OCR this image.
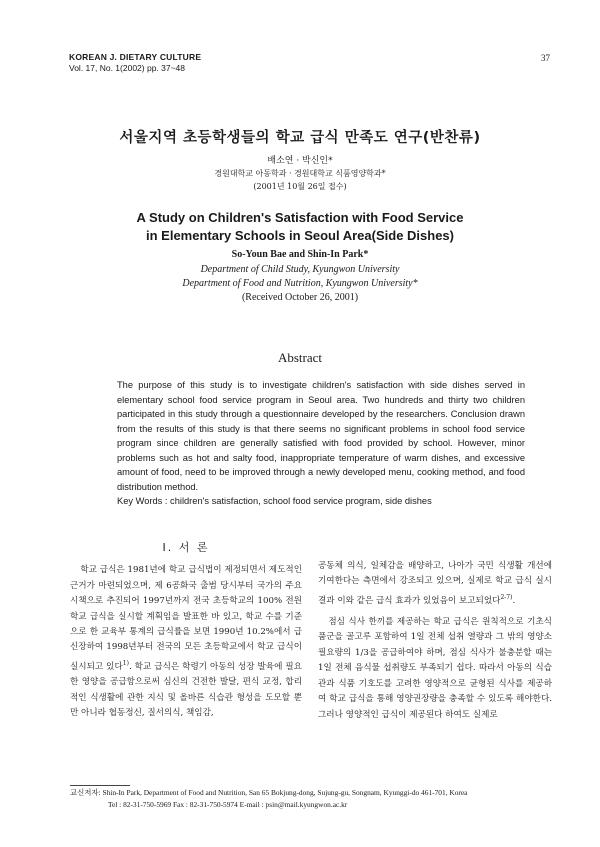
KOREAN J. DIETARY CULTURE
Vol. 17, No. 1(2002) pp. 37~48
37
서울지역 초등학생들의 학교 급식 만족도 연구(반찬류)
배소연 · 박신인*
경원대학교 아동학과 · 경원대학교 식품영양학과*
(2001년 10월 26일 접수)
A Study on Children's Satisfaction with Food Service
in Elementary Schools in Seoul Area(Side Dishes)
So-Youn Bae and Shin-In Park*
Department of Child Study, Kyungwon University
Department of Food and Nutrition, Kyungwon University*
(Received October 26, 2001)
Abstract
The purpose of this study is to investigate children's satisfaction with side dishes served in elementary school food service program in Seoul area. Two hundreds and thirty two children participated in this study through a questionnaire developed by the researchers. Conclusion drawn from the results of this study is that there seems no significant problems in school food service program since children are generally satisfied with food provided by school. However, minor problems such as hot and salty food, inappropriate temperature of warm dishes, and excessive amount of food, need to be improved through a newly developed menu, cooking method, and food distribution method.
Key Words : children's satisfaction, school food service program, side dishes
I. 서 론

학교 급식은 1981년에 학교 급식법이 제정되면서 제도적인 근거가 마련되었으며, 제 6공화국 출범 당시부터 국가의 주요 시책으로 추진되어 1997년까지 전국 초등학교의 100% 전원 학교 급식을 실시할 계획임을 발표한 바 있고, 학교 수를 기준으로 한 교육부 통계의 급식률을 보면 1990년 10.2%에서 급신장하여 1998년부터 전국의 모든 초등학교에서 학교 급식이 실시되고 있다$^{1)}$. 학교 급식은 학령기 아동의 성장 발육에 필요한 영양을 공급함으로써 심신의 건전한 발달, 편식 교정, 합리적인 식생활에 관한 지식 및 올바른 식습관 형성을 도모할 뿐만 아니라 협동정신, 질서의식, 책임감,

공동체 의식, 일체감을 배양하고, 나아가 국민 식생활 개선에 기여한다는 측면에서 강조되고 있으며, 실제로 학교 급식 실시 결과 이와 같은 급식 효과가 있었음이 보고되었다$^{2-7)}$.

점심 식사 한끼를 제공하는 학교 급식은 원칙적으로 기초식품군을 골고루 포함하여 1일 전체 섭취 열량과 그 밖의 영양소 필요량의 1/3을 공급하여야 하며, 점심 식사가 불충분할 때는 1일 전체 음식물 섭취량도 부족되기 쉽다. 따라서 아동의 식습관과 식품 기호도를 고려한 영양적으로 균형된 식사를 제공하여 학교 급식을 통해 영양권장량을 충족할 수 있도록 해야한다. 그러나 영양적인 급식이 제공된다 하여도 실제로

교신저자: Shin-In Park, Department of Food and Nutrition, San 65 Bokjung-dong, Sujung-gu, Songnam, Kyunggi-do 461-701, Korea
Tel : 82-31-750-5969 Fax : 82-31-750-5974 E-mail : psin@mail.kyungwon.ac.kr
